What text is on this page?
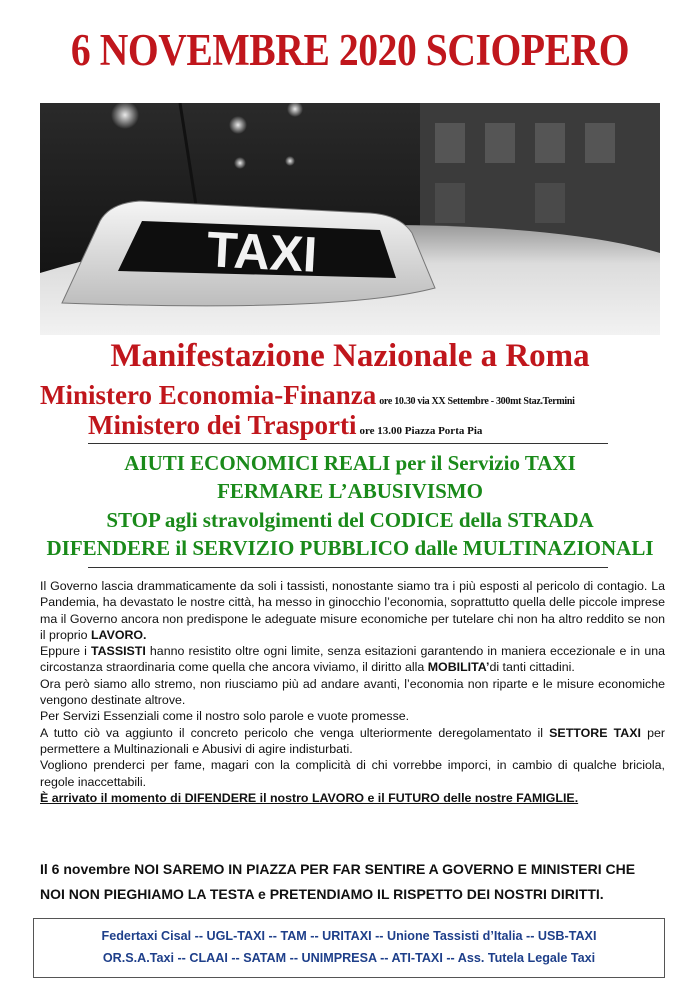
6 NOVEMBRE 2020 SCIOPERO
TAXI
Manifestazione Nazionale a Roma
Ministero Economia-Finanza ore 10.30 via XX Settembre - 300mt Staz.Termini
Ministero dei Trasporti ore 13.00 Piazza Porta Pia
AIUTI ECONOMICI REALI per il Servizio TAXI
FERMARE L’ABUSIVISMO
STOP agli stravolgimenti del CODICE della STRADA
DIFENDERE il SERVIZIO PUBBLICO dalle MULTINAZIONALI

Il Governo lascia drammaticamente da soli i tassisti, nonostante siamo tra i più esposti al pericolo di contagio. La Pandemia, ha devastato le nostre città, ha messo in ginocchio l’economia, soprattutto quella delle piccole imprese ma il Governo ancora non predispone le adeguate misure economiche per tutelare chi non ha altro reddito se non il proprio LAVORO.

Eppure i TASSISTI hanno resistito oltre ogni limite, senza esitazioni garantendo in maniera eccezionale e in una circostanza straordinaria come quella che ancora viviamo, il diritto alla MOBILITA’di tanti cittadini.

Ora però siamo allo stremo, non riusciamo più ad andare avanti, l’economia non riparte e le misure economiche vengono destinate altrove.

Per Servizi Essenziali come il nostro solo parole e vuote promesse.

A tutto ciò va aggiunto il concreto pericolo che venga ulteriormente deregolamentato il SETTORE TAXI per permettere a Multinazionali e Abusivi di agire indisturbati.

Vogliono prenderci per fame, magari con la complicità di chi vorrebbe imporci, in cambio di qualche briciola, regole inaccettabili.

È arrivato il momento di DIFENDERE il nostro LAVORO e il FUTURO delle nostre FAMIGLIE.

Il 6 novembre NOI SAREMO IN PIAZZA PER FAR SENTIRE A GOVERNO E MINISTERI CHE
NOI NON PIEGHIAMO LA TESTA e PRETENDIAMO IL RISPETTO DEI NOSTRI DIRITTI.
Federtaxi Cisal -- UGL-TAXI -- TAM -- URITAXI -- Unione Tassisti d’Italia -- USB-TAXI
OR.S.A.Taxi -- CLAAI -- SATAM -- UNIMPRESA -- ATI-TAXI -- Ass. Tutela Legale Taxi
